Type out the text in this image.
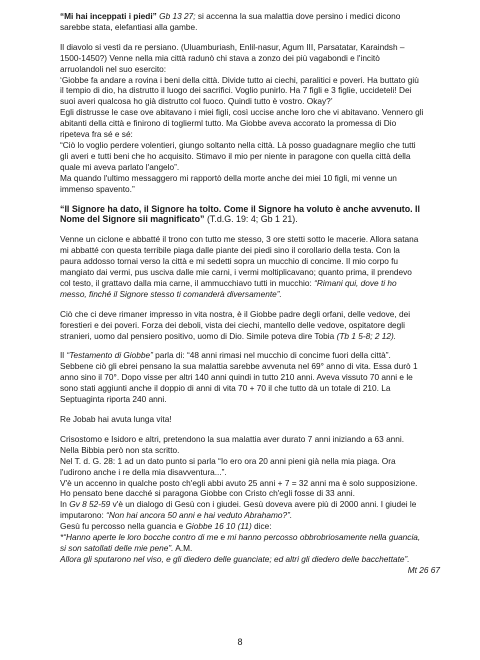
“Mi hai inceppati i piedi” Gb 13 27; si accenna la sua malattia dove persino i medici dicono
sarebbe stata, elefantiasi alla gambe.

Il diavolo si vestì da re persiano. (Uluamburiash, Enlil-nasur, Agum III, Parsatatar, Karaindsh –
1500-1450?) Venne nella mia città radunò chi stava a zonzo dei più vagabondi e l'incitò
arruolandoli nel suo esercito:
‘Giobbe fa andare a rovina i beni della città. Divide tutto ai ciechi, paralitici e poveri. Ha buttato giù
il tempio di dio, ha distrutto il luogo dei sacrifici. Voglio punirlo. Ha 7 figli e 3 figlie, uccideteli! Dei
suoi averi qualcosa ho già distrutto col fuoco. Quindi tutto è vostro. Okay?’
Egli distrusse le case ove abitavano i miei figli, così uccise anche loro che vi abitavano. Vennero gli
abitanti della città e finirono di toglierml tutto. Ma Giobbe aveva accorato la promessa di Dio
ripeteva fra sé e sé:
“Ciò lo voglio perdere volentieri, giungo soltanto nella città. Là posso guadagnare meglio che tutti
gli averi e tutti beni che ho acquisito. Stimavo il mio per niente in paragone con quella città della
quale mi aveva parlato l'angelo”.
Ma quando l'ultimo messaggero mi rapportò della morte anche dei miei 10 figli, mi venne un
immenso spavento.”

“Il Signore ha dato, il Signore ha tolto. Come il Signore ha voluto è anche avvenuto. Il
Nome del Signore sii magnificato” (T.d.G. 19: 4; Gb 1 21).

Venne un ciclone e abbatté il trono con tutto me stesso, 3 ore stetti sotto le macerie. Allora satana
mi abbatté con questa terribile piaga dalle piante dei piedi sino il corollario della testa. Con la
paura addosso tornai verso la città e mi sedetti sopra un mucchio di concime. Il mio corpo fu
mangiato dai vermi, pus usciva dalle mie carni, i vermi moltiplicavano; quanto prima, il prendevo
col testo, il grattavo dalla mia carne, il ammucchiavo tutti in mucchio: “Rimani qui, dove ti ho
messo, finché il Signore stesso ti comanderà diversamente”.

Ciò che ci deve rimaner impresso in vita nostra, è il Giobbe padre degli orfani, delle vedove, dei
forestieri e dei poveri. Forza dei deboli, vista dei ciechi, mantello delle vedove, ospitatore degli
stranieri, uomo dal pensiero positivo, uomo di Dio. Simile poteva dire Tobia (Tb 1 5-8; 2 12).

Il “Testamento di Giobbe” parla di: “48 anni rimasi nel mucchio di concime fuori della città”.
Sebbene ciò gli ebrei pensano la sua malattia sarebbe avvenuta nel 69° anno di vita. Essa durò 1
anno sino il 70°. Dopo visse per altri 140 anni quindi in tutto 210 anni. Aveva vissuto 70 anni e le
sono stati aggiunti anche il doppio di anni di vita 70 + 70 il che tutto dà un totale di 210. La
Septuaginta riporta 240 anni.

Re Jobab hai avuta lunga vita!

Crisostomo e Isidoro e altri, pretendono la sua malattia aver durato 7 anni iniziando a 63 anni.
Nella Bibbia però non sta scritto.
Nel T. d. G. 28: 1 ad un dato punto si parla “Io ero ora 20 anni pieni già nella mia piaga. Ora
l'udirono anche i re della mia disavventura...”.
V'è un accenno in qualche posto ch'egli abbi avuto 25 anni + 7 = 32 anni ma è solo supposizione.
Ho pensato bene dacché si paragona Giobbe con Cristo ch'egli fosse di 33 anni.
In Gv 8 52-59 v'è un dialogo di Gesù con i giudei. Gesù doveva avere più di 2000 anni. I giudei le
imputarono: “Non hai ancora 50 anni e hai veduto Abrahamo?”.
Gesù fu percosso nella guancia e Giobbe 16 10 (11) dice:
*“Hanno aperte le loro bocche contro di me e mi hanno percosso obbrobriosamente nella guancia,
si son satollati delle mie pene”. A.M.
Allora gli sputarono nel viso, e gli diedero delle guanciate; ed altri gli diedero delle bacchettate”.
Mt 26 67

8
